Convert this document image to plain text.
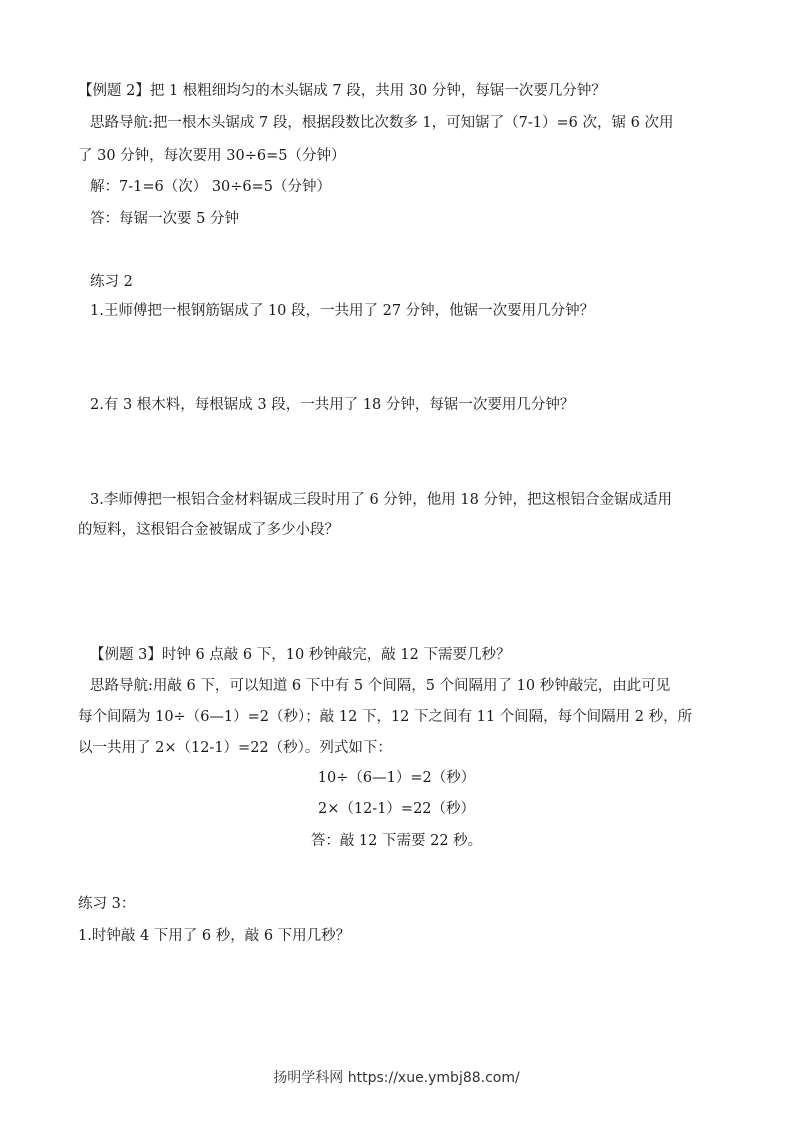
【例题 2】把 1 根粗细均匀的木头锯成 7 段，共用 30 分钟，每锯一次要几分钟？
思路导航:把一根木头锯成 7 段，根据段数比次数多 1，可知锯了（7-1）=6 次，锯 6 次用
了 30 分钟，每次要用 30÷6=5（分钟）
解：7-1=6（次） 30÷6=5（分钟）
答：每锯一次要 5 分钟
练习 2
1.王师傅把一根钢筋锯成了 10 段，一共用了 27 分钟，他锯一次要用几分钟？
2.有 3 根木料，每根锯成 3 段，一共用了 18 分钟，每锯一次要用几分钟？
3.李师傅把一根铝合金材料锯成三段时用了 6 分钟，他用 18 分钟，把这根铝合金锯成适用
的短料，这根铝合金被锯成了多少小段？
【例题 3】时钟 6 点敲 6 下，10 秒钟敲完，敲 12 下需要几秒？
思路导航:用敲 6 下，可以知道 6 下中有 5 个间隔，5 个间隔用了 10 秒钟敲完，由此可见
每个间隔为 10÷（6—1）=2（秒）；敲 12 下，12 下之间有 11 个间隔，每个间隔用 2 秒，所
以一共用了 2×（12-1）=22（秒）。列式如下：
10÷（6—1）=2（秒）
2×（12-1）=22（秒）
答：敲 12 下需要 22 秒。
练习 3：
1.时钟敲 4 下用了 6 秒，敲 6 下用几秒？
扬明学科网 https://xue.ymbj88.com/
